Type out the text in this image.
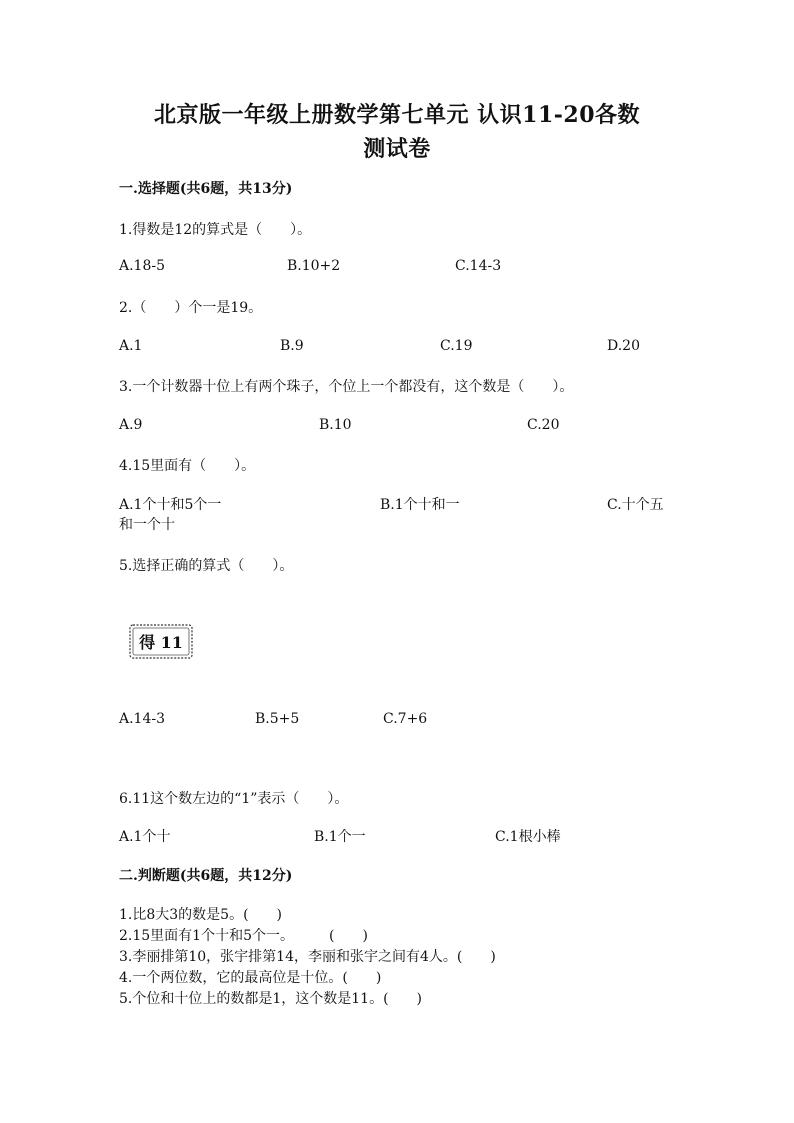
北京版一年级上册数学第七单元 认识11-20各数
测试卷
一.选择题(共6题，共13分)
1.得数是12的算式是（　　）。
A.18-5	B.10+2	C.14-3
2.（　　）个一是19。
A.1	B.9	C.19	D.20
3.一个计数器十位上有两个珠子，个位上一个都没有，这个数是（　　）。
A.9	B.10	C.20
4.15里面有（　　）。
A.1个十和5个一	B.1个十和一	C.十个五
和一个十
5.选择正确的算式（　　）。
得 11
A.14-3	B.5+5	C.7+6
6.11这个数左边的“1”表示（　　）。
A.1个十	B.1个一	C.1根小棒
二.判断题(共6题，共12分)
1.比8大3的数是5。(　　)
2.15里面有1个十和5个一。　　　(　　)
3.李丽排第10，张宇排第14，李丽和张宇之间有4人。(　　)
4.一个两位数，它的最高位是十位。(　　)
5.个位和十位上的数都是1，这个数是11。(　　)
